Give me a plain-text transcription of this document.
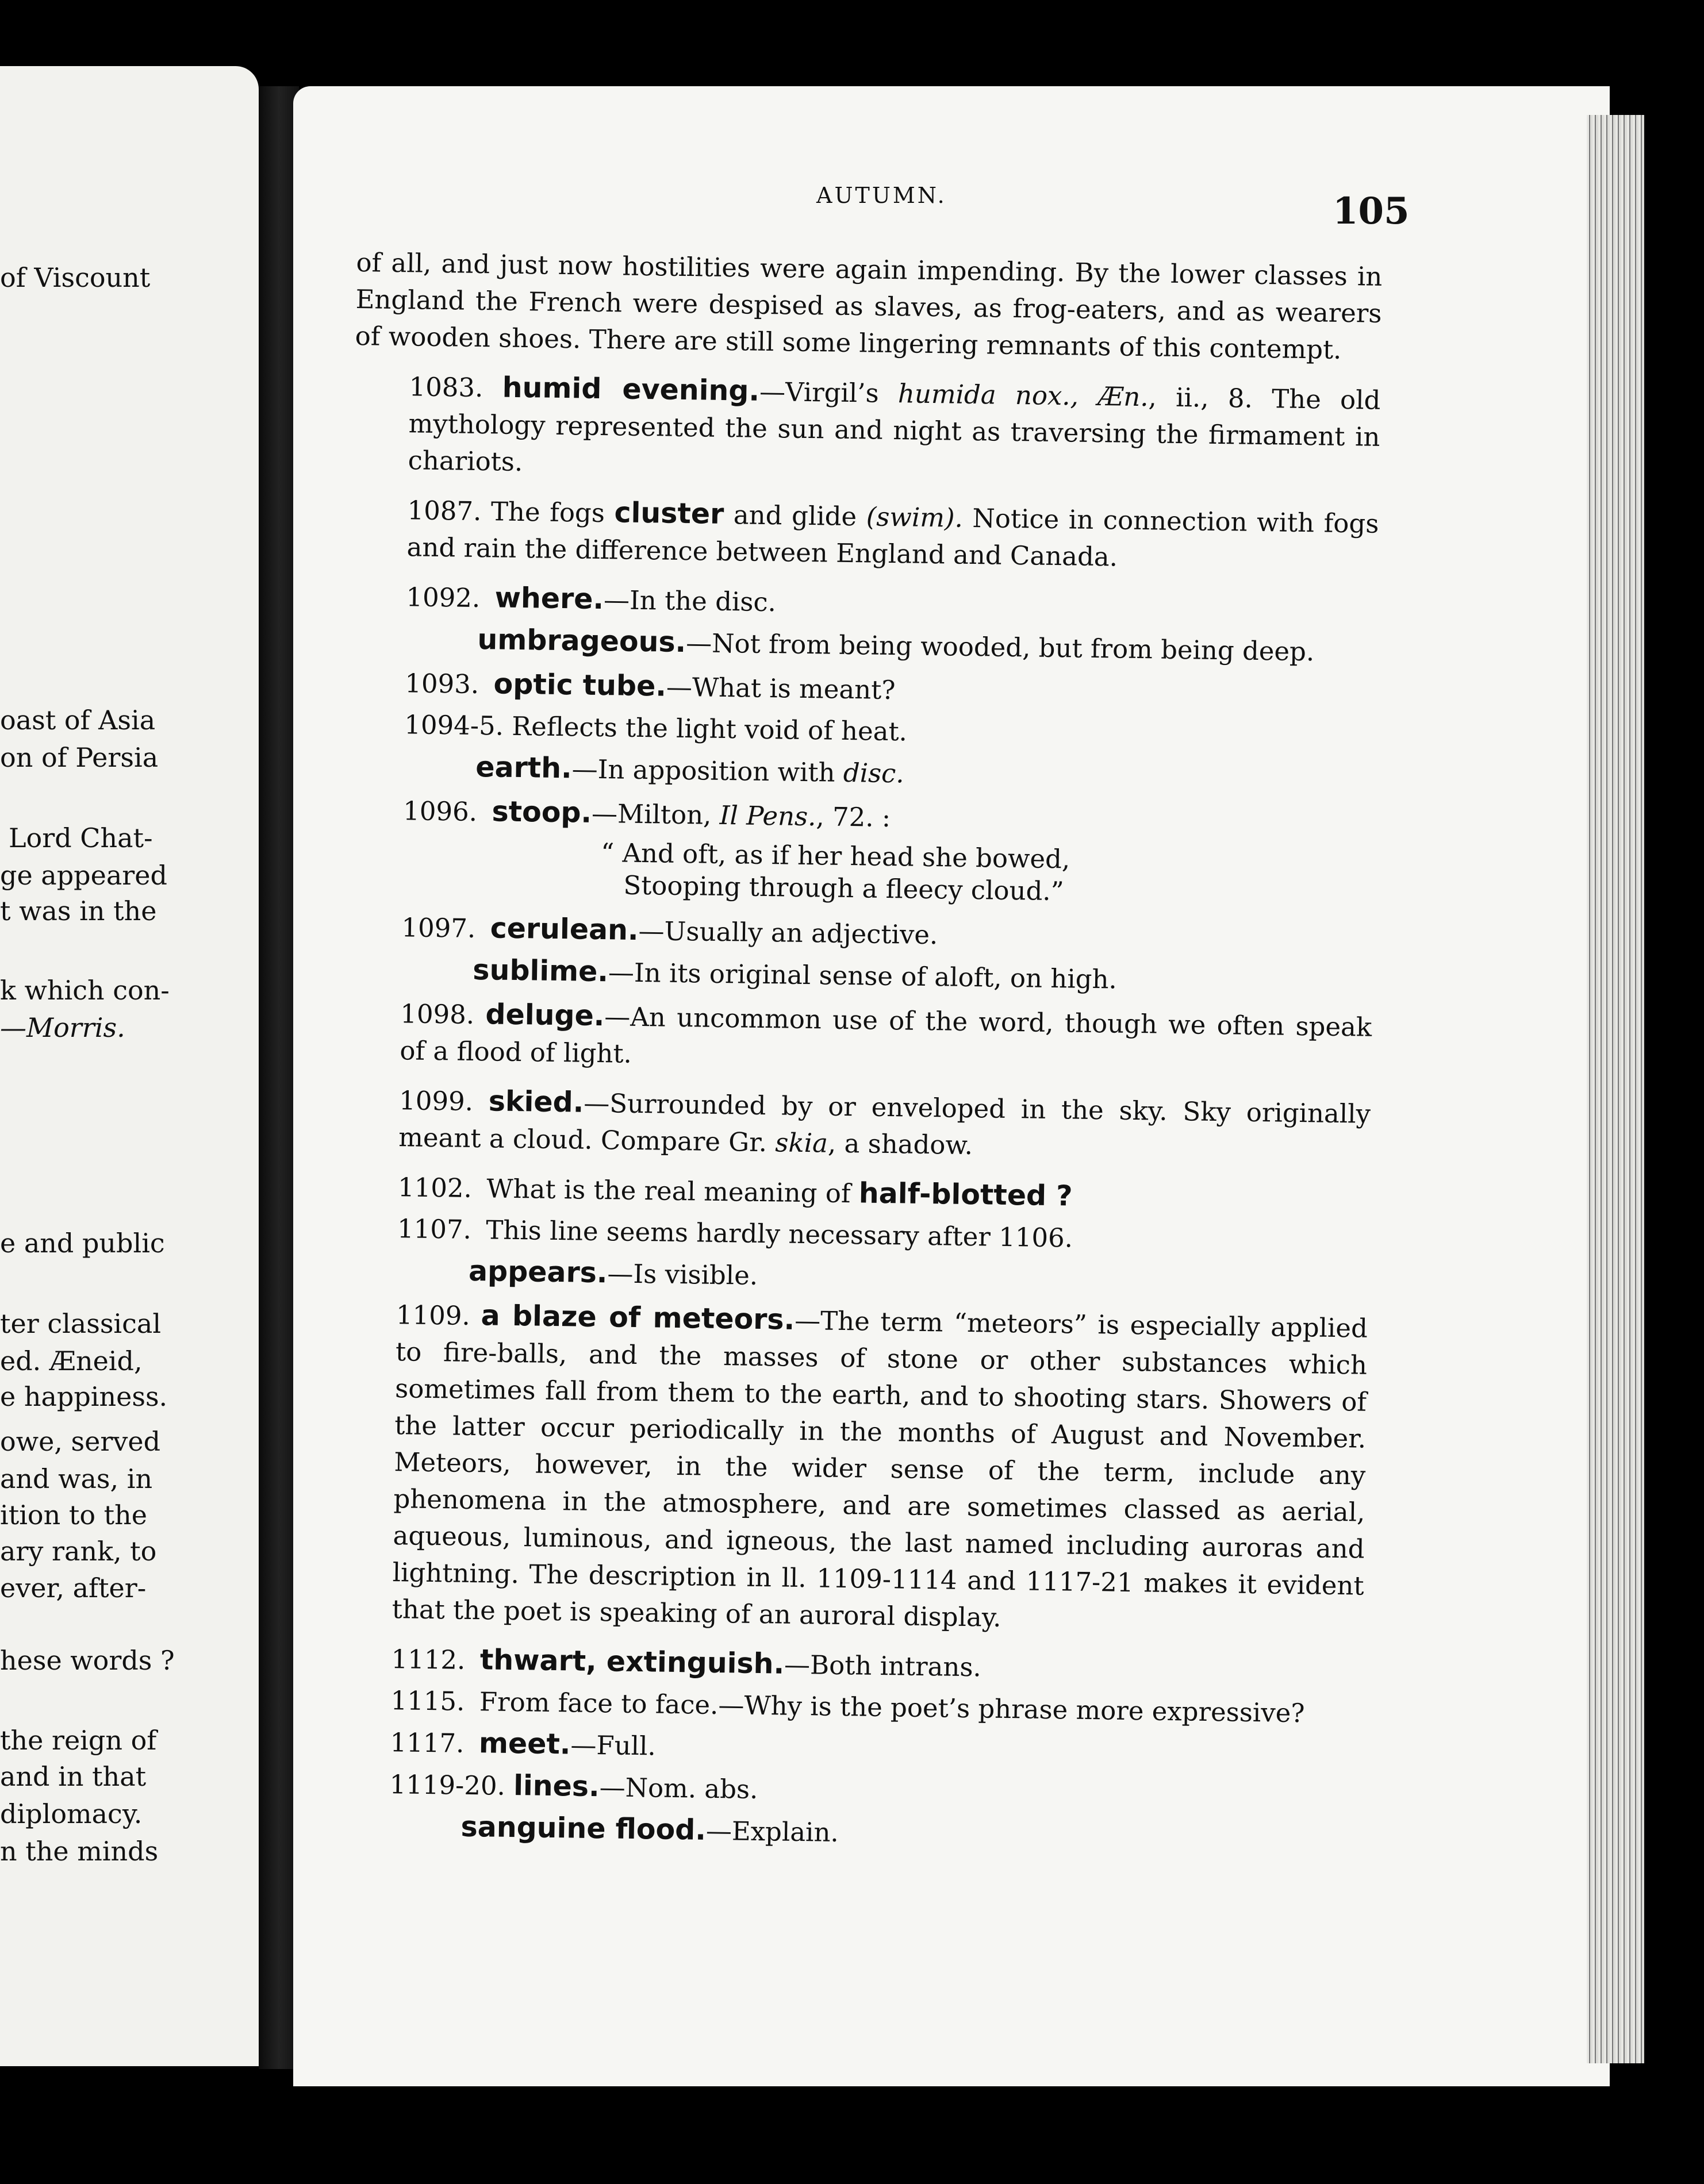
of Viscount
oast of Asia
on of Persia
Lord Chat-
ge appeared
t was in the
k which con-
—Morris.
e and public
ter classical
ed. Æneid,
e happiness.
owe, served
and was, in
ition to the
ary rank, to
ever, after-
hese words ?
the reign of
and in that
diplomacy.
n the minds
AUTUMN.	105

of all, and just now hostilities were again impending. By the lower classes in England the French were despised as slaves, as frog-eaters, and as wearers of wooden shoes. There are still some lingering remnants of this contempt.

1083. humid evening.—Virgil’s humida nox., Æn., ii., 8. The old mythology represented the sun and night as traversing the firmament in chariots.

1087. The fogs cluster and glide (swim). Notice in connection with fogs and rain the difference between England and Canada.

1092. where.—In the disc.

umbrageous.—Not from being wooded, but from being deep.

1093. optic tube.—What is meant?

1094-5. Reflects the light void of heat.

earth.—In apposition with disc.

1096. stoop.—Milton, Il Pens., 72. :

“ And oft, as if her head she bowed,
Stooping through a fleecy cloud.”

1097. cerulean.—Usually an adjective.

sublime.—In its original sense of aloft, on high.

1098. deluge.—An uncommon use of the word, though we often speak of a flood of light.

1099. skied.—Surrounded by or enveloped in the sky. Sky originally meant a cloud. Compare Gr. skia, a shadow.

1102. What is the real meaning of half-blotted ?

1107. This line seems hardly necessary after 1106.

appears.—Is visible.

1109. a blaze of meteors.—The term “meteors” is especially applied to fire-balls, and the masses of stone or other substances which sometimes fall from them to the earth, and to shooting stars. Showers of the latter occur periodically in the months of August and November. Meteors, however, in the wider sense of the term, include any phenomena in the atmosphere, and are sometimes classed as aerial, aqueous, luminous, and igneous, the last named including auroras and lightning. The description in ll. 1109-1114 and 1117-21 makes it evident that the poet is speaking of an auroral display.

1112. thwart, extinguish.—Both intrans.

1115. From face to face.—Why is the poet’s phrase more expressive?

1117. meet.—Full.

1119-20. lines.—Nom. abs.

sanguine flood.—Explain.
